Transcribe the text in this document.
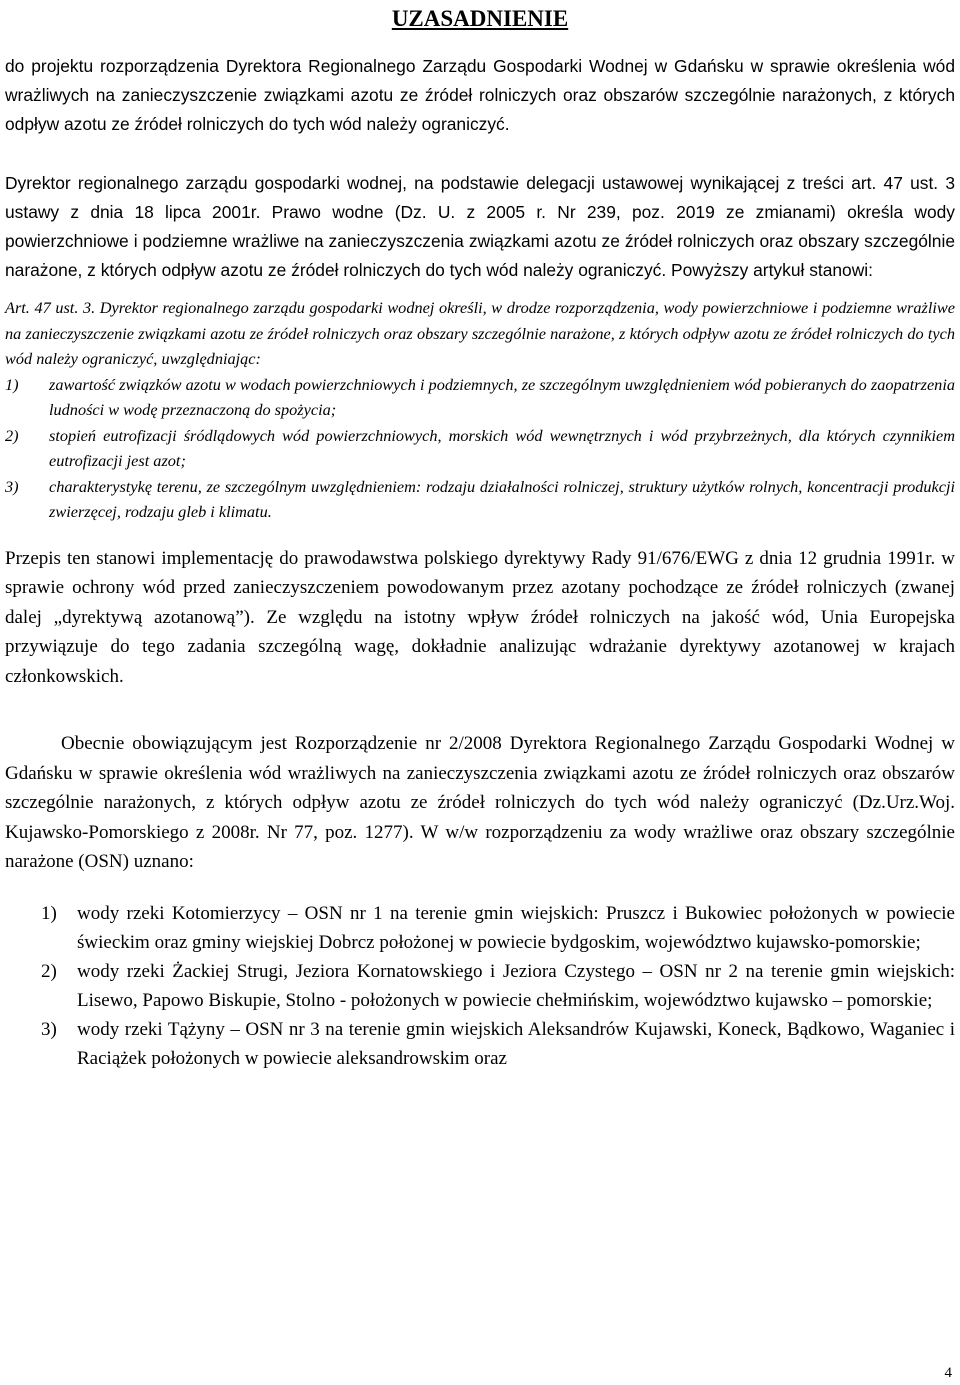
UZASADNIENIE

do projektu rozporządzenia Dyrektora Regionalnego Zarządu Gospodarki Wodnej w Gdańsku w sprawie określenia wód wrażliwych na zanieczyszczenie związkami azotu ze źródeł rolniczych oraz obszarów szczególnie narażonych, z których odpływ azotu ze źródeł rolniczych do tych wód należy ograniczyć.

Dyrektor regionalnego zarządu gospodarki wodnej, na podstawie delegacji ustawowej wynikającej z treści art. 47 ust. 3 ustawy z dnia 18 lipca 2001r. Prawo wodne (Dz. U. z 2005 r. Nr 239, poz. 2019 ze zmianami) określa wody powierzchniowe i podziemne wrażliwe na zanieczyszczenia związkami azotu ze źródeł rolniczych oraz obszary szczególnie narażone, z których odpływ azotu ze źródeł rolniczych do tych wód należy ograniczyć. Powyższy artykuł stanowi:

Art. 47 ust. 3. Dyrektor regionalnego zarządu gospodarki wodnej określi, w drodze rozporządzenia, wody powierzchniowe i podziemne wrażliwe na zanieczyszczenie związkami azotu ze źródeł rolniczych oraz obszary szczególnie narażone, z których odpływ azotu ze źródeł rolniczych do tych wód należy ograniczyć, uwzględniając:

1) zawartość związków azotu w wodach powierzchniowych i podziemnych, ze szczególnym uwzględnieniem wód pobieranych do zaopatrzenia ludności w wodę przeznaczoną do spożycia;
2) stopień eutrofizacji śródlądowych wód powierzchniowych, morskich wód wewnętrznych i wód przybrzeżnych, dla których czynnikiem eutrofizacji jest azot;
3) charakterystykę terenu, ze szczególnym uwzględnieniem: rodzaju działalności rolniczej, struktury użytków rolnych, koncentracji produkcji zwierzęcej, rodzaju gleb i klimatu.

Przepis ten stanowi implementację do prawodawstwa polskiego dyrektywy Rady 91/676/EWG z dnia 12 grudnia 1991r. w sprawie ochrony wód przed zanieczyszczeniem powodowanym przez azotany pochodzące ze źródeł rolniczych (zwanej dalej „dyrektywą azotanową”). Ze względu na istotny wpływ źródeł rolniczych na jakość wód, Unia Europejska przywiązuje do tego zadania szczególną wagę, dokładnie analizując wdrażanie dyrektywy azotanowej w krajach członkowskich.

Obecnie obowiązującym jest Rozporządzenie nr 2/2008 Dyrektora Regionalnego Zarządu Gospodarki Wodnej w Gdańsku w sprawie określenia wód wrażliwych na zanieczyszczenia związkami azotu ze źródeł rolniczych oraz obszarów szczególnie narażonych, z których odpływ azotu ze źródeł rolniczych do tych wód należy ograniczyć (Dz.Urz.Woj. Kujawsko-Pomorskiego z 2008r. Nr 77, poz. 1277). W w/w rozporządzeniu za wody wrażliwe oraz obszary szczególnie narażone (OSN) uznano:

1) wody rzeki Kotomierzycy – OSN nr 1 na terenie gmin wiejskich: Pruszcz i Bukowiec położonych w powiecie świeckim oraz gminy wiejskiej Dobrcz położonej w powiecie bydgoskim, województwo kujawsko-pomorskie;
2) wody rzeki Żackiej Strugi, Jeziora Kornatowskiego i Jeziora Czystego – OSN nr 2 na terenie gmin wiejskich: Lisewo, Papowo Biskupie, Stolno - położonych w powiecie chełmińskim, województwo kujawsko – pomorskie;
3) wody rzeki Tążyny – OSN nr 3 na terenie gmin wiejskich Aleksandrów Kujawski, Koneck, Bądkowo, Waganiec i Raciążek położonych w powiecie aleksandrowskim oraz
4
